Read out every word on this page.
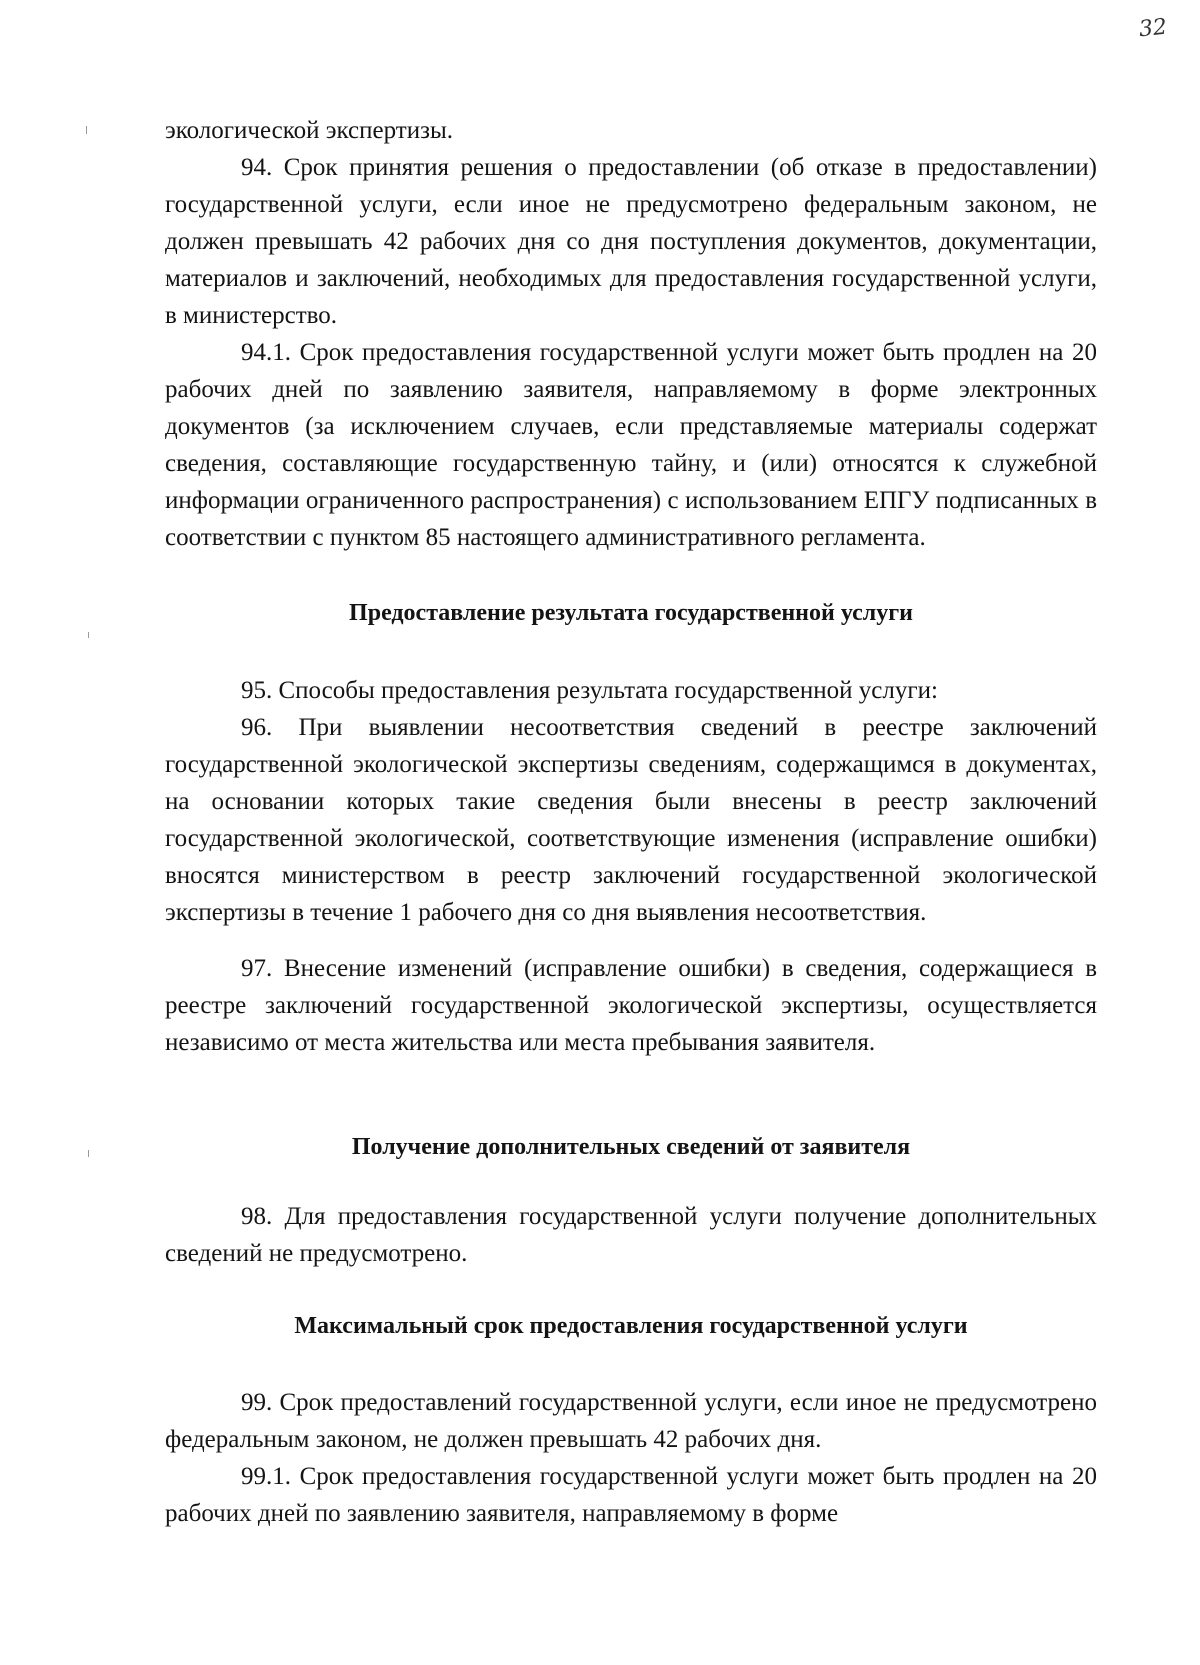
32

экологической экспертизы.

94. Срок принятия решения о предоставлении (об отказе в предоставлении) государственной услуги, если иное не предусмотрено федеральным законом, не должен превышать 42 рабочих дня со дня поступления документов, документации, материалов и заключений, необходимых для предоставления государственной услуги, в министерство.

94.1. Срок предоставления государственной услуги может быть продлен на 20 рабочих дней по заявлению заявителя, направляемому в форме электронных документов (за исключением случаев, если представляемые материалы содержат сведения, составляющие государственную тайну, и (или) относятся к служебной информации ограниченного распространения) с использованием ЕПГУ подписанных в соответствии с пунктом 85 настоящего административного регламента.

Предоставление результата государственной услуги

95. Способы предоставления результата государственной услуги:

96. При выявлении несоответствия сведений в реестре заключений государственной экологической экспертизы сведениям, содержащимся в документах, на основании которых такие сведения были внесены в реестр заключений государственной экологической, соответствующие изменения (исправление ошибки) вносятся министерством в реестр заключений государственной экологической экспертизы в течение 1 рабочего дня со дня выявления несоответствия.

97. Внесение изменений (исправление ошибки) в сведения, содержащиеся в реестре заключений государственной экологической экспертизы, осуществляется независимо от места жительства или места пребывания заявителя.

Получение дополнительных сведений от заявителя

98. Для предоставления государственной услуги получение дополнительных сведений не предусмотрено.

Максимальный срок предоставления государственной услуги

99. Срок предоставлений государственной услуги, если иное не предусмотрено федеральным законом, не должен превышать 42 рабочих дня.

99.1. Срок предоставления государственной услуги может быть продлен на 20 рабочих дней по заявлению заявителя, направляемому в форме
